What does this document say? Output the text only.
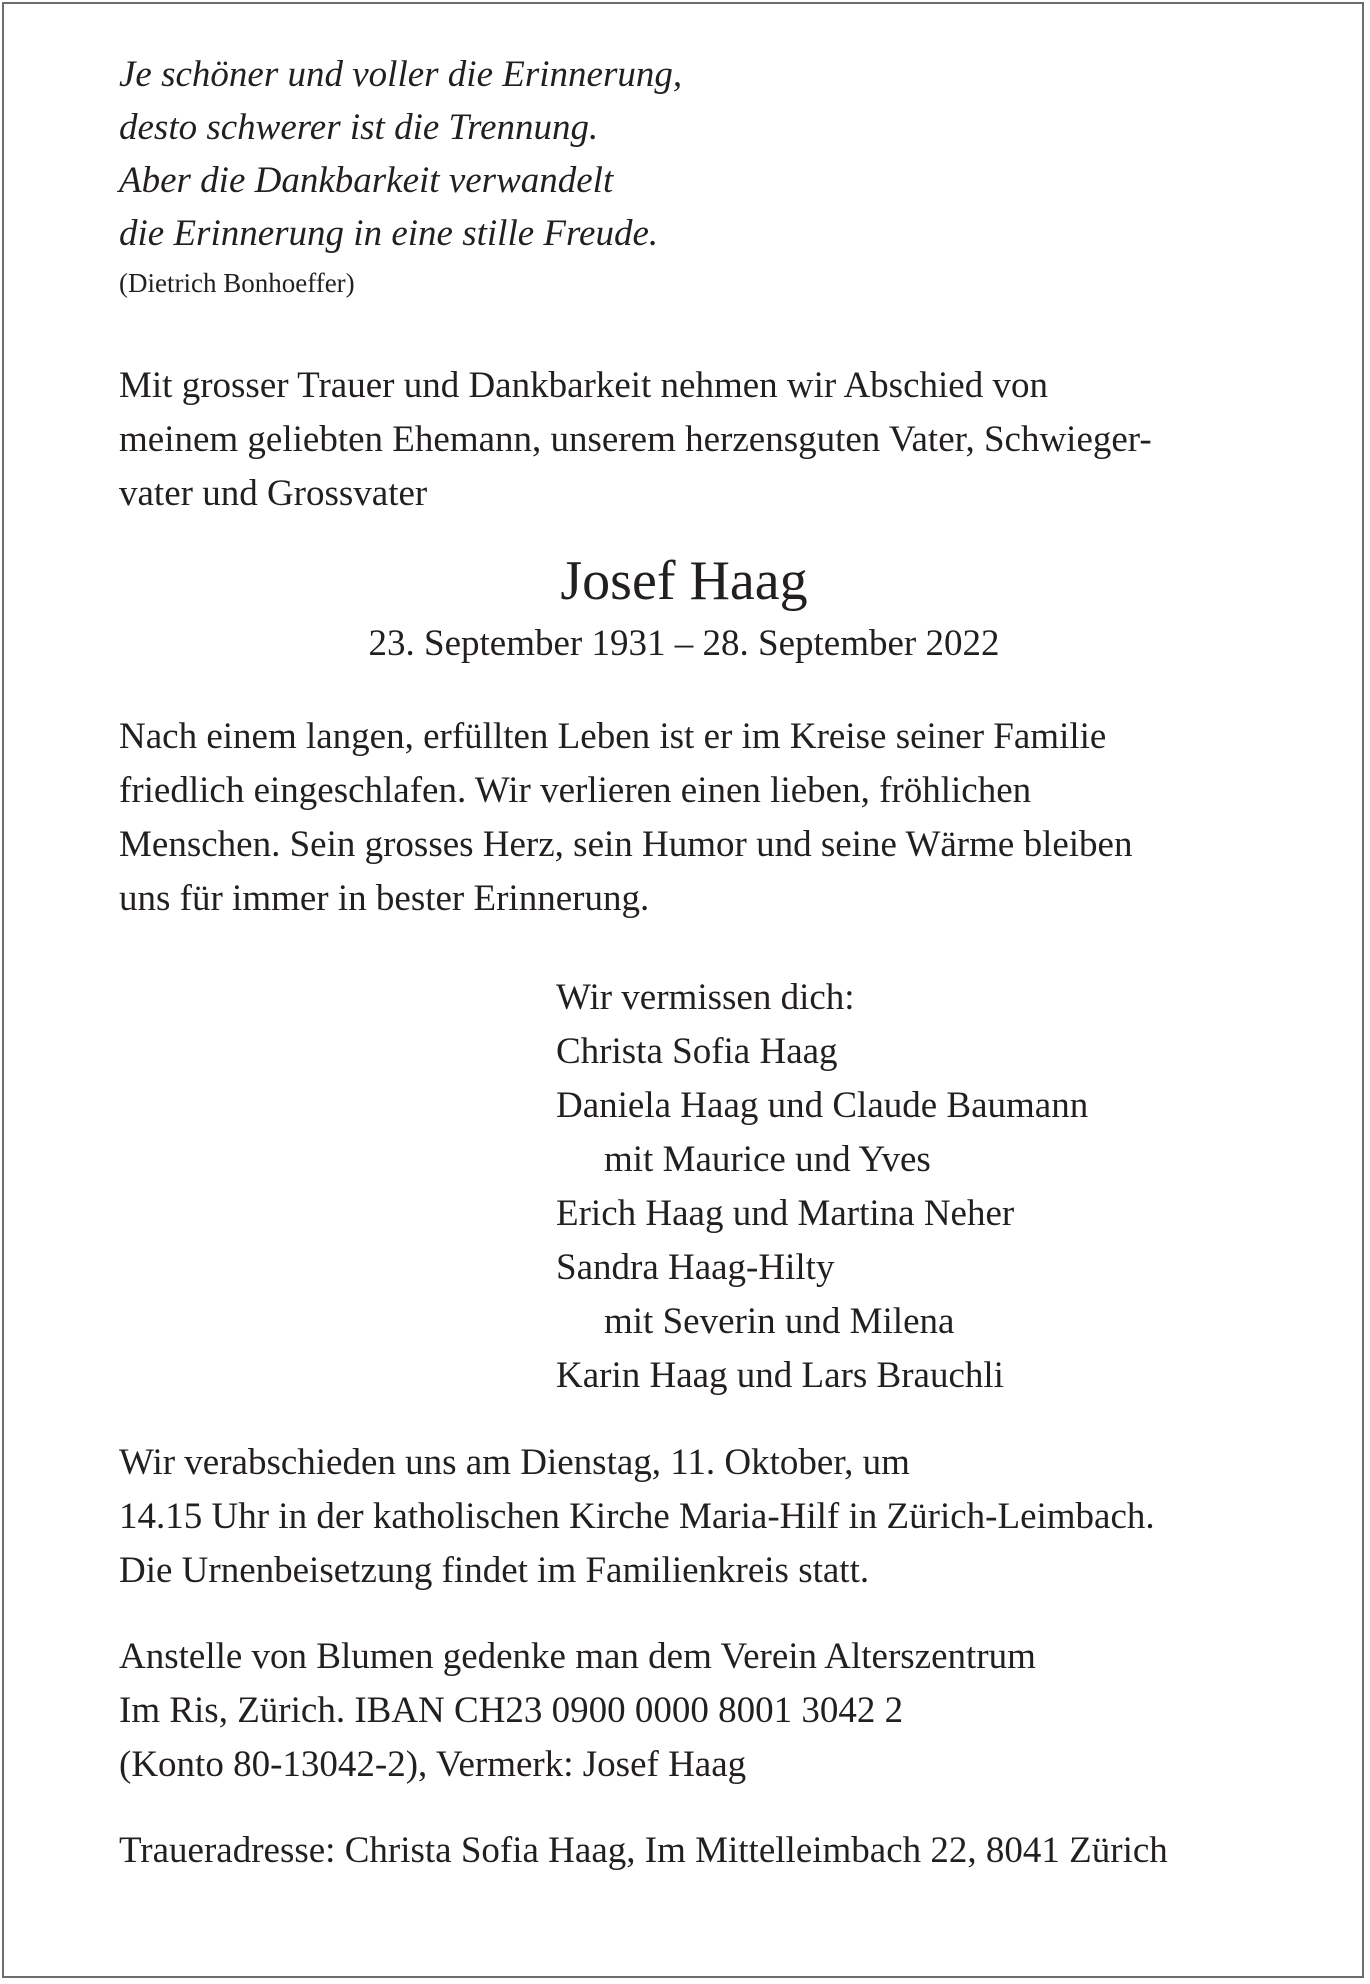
Je schöner und voller die Erinnerung,
desto schwerer ist die Trennung.
Aber die Dankbarkeit verwandelt
die Erinnerung in eine stille Freude.
(Dietrich Bonhoeffer)
Mit grosser Trauer und Dankbarkeit nehmen wir Abschied von
meinem geliebten Ehemann, unserem herzensguten Vater, Schwieger-
vater und Grossvater
Josef Haag
23. September 1931 – 28. September 2022
Nach einem langen, erfüllten Leben ist er im Kreise seiner Familie
friedlich eingeschlafen. Wir verlieren einen lieben, fröhlichen
Menschen. Sein grosses Herz, sein Humor und seine Wärme bleiben
uns für immer in bester Erinnerung.
Wir vermissen dich:
Christa Sofia Haag
Daniela Haag und Claude Baumann
mit Maurice und Yves
Erich Haag und Martina Neher
Sandra Haag-Hilty
mit Severin und Milena
Karin Haag und Lars Brauchli
Wir verabschieden uns am Dienstag, 11. Oktober, um
14.15 Uhr in der katholischen Kirche Maria-Hilf in Zürich-Leimbach.
Die Urnenbeisetzung findet im Familienkreis statt.
Anstelle von Blumen gedenke man dem Verein Alterszentrum
Im Ris, Zürich. IBAN CH23 0900 0000 8001 3042 2
(Konto 80-13042-2), Vermerk: Josef Haag
Traueradresse: Christa Sofia Haag, Im Mittelleimbach 22, 8041 Zürich
